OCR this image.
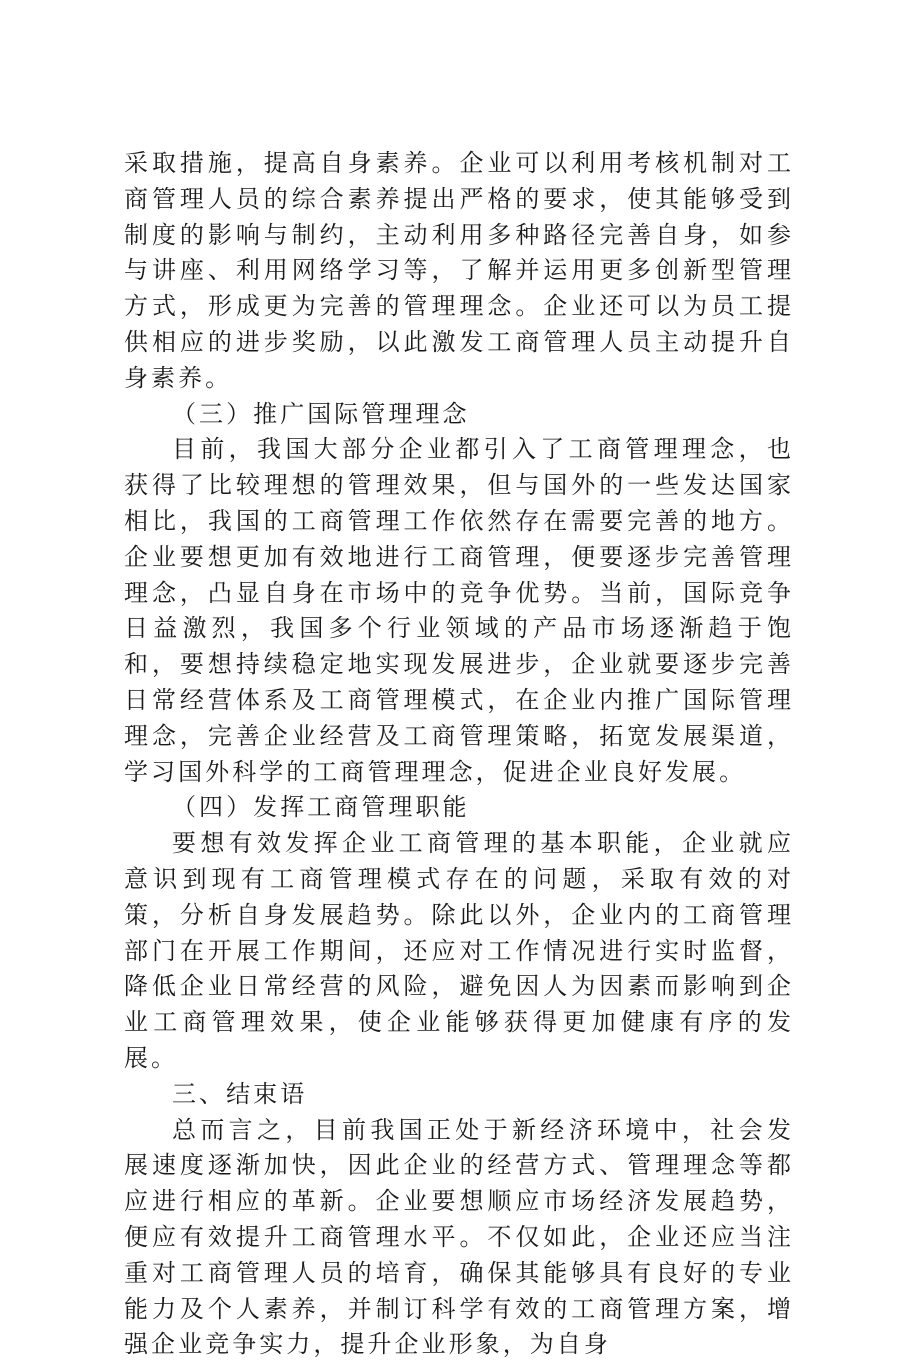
采取措施，提高自身素养。企业可以利用考核机制对工商管理人员的综合素养提出严格的要求，使其能够受到制度的影响与制约，主动利用多种路径完善自身，如参与讲座、利用网络学习等，了解并运用更多创新型管理方式，形成更为完善的管理理念。企业还可以为员工提供相应的进步奖励，以此激发工商管理人员主动提升自身素养。

（三）推广国际管理理念

目前，我国大部分企业都引入了工商管理理念，也获得了比较理想的管理效果，但与国外的一些发达国家相比，我国的工商管理工作依然存在需要完善的地方。企业要想更加有效地进行工商管理，便要逐步完善管理理念，凸显自身在市场中的竞争优势。当前，国际竞争日益激烈，我国多个行业领域的产品市场逐渐趋于饱和，要想持续稳定地实现发展进步，企业就要逐步完善日常经营体系及工商管理模式，在企业内推广国际管理理念，完善企业经营及工商管理策略，拓宽发展渠道，学习国外科学的工商管理理念，促进企业良好发展。

（四）发挥工商管理职能

要想有效发挥企业工商管理的基本职能，企业就应意识到现有工商管理模式存在的问题，采取有效的对策，分析自身发展趋势。除此以外，企业内的工商管理部门在开展工作期间，还应对工作情况进行实时监督，降低企业日常经营的风险，避免因人为因素而影响到企业工商管理效果，使企业能够获得更加健康有序的发展。

三、结束语

总而言之，目前我国正处于新经济环境中，社会发展速度逐渐加快，因此企业的经营方式、管理理念等都应进行相应的革新。企业要想顺应市场经济发展趋势，便应有效提升工商管理水平。不仅如此，企业还应当注重对工商管理人员的培育，确保其能够具有良好的专业能力及个人素养，并制订科学有效的工商管理方案，增强企业竞争实力，提升企业形象，为自身
